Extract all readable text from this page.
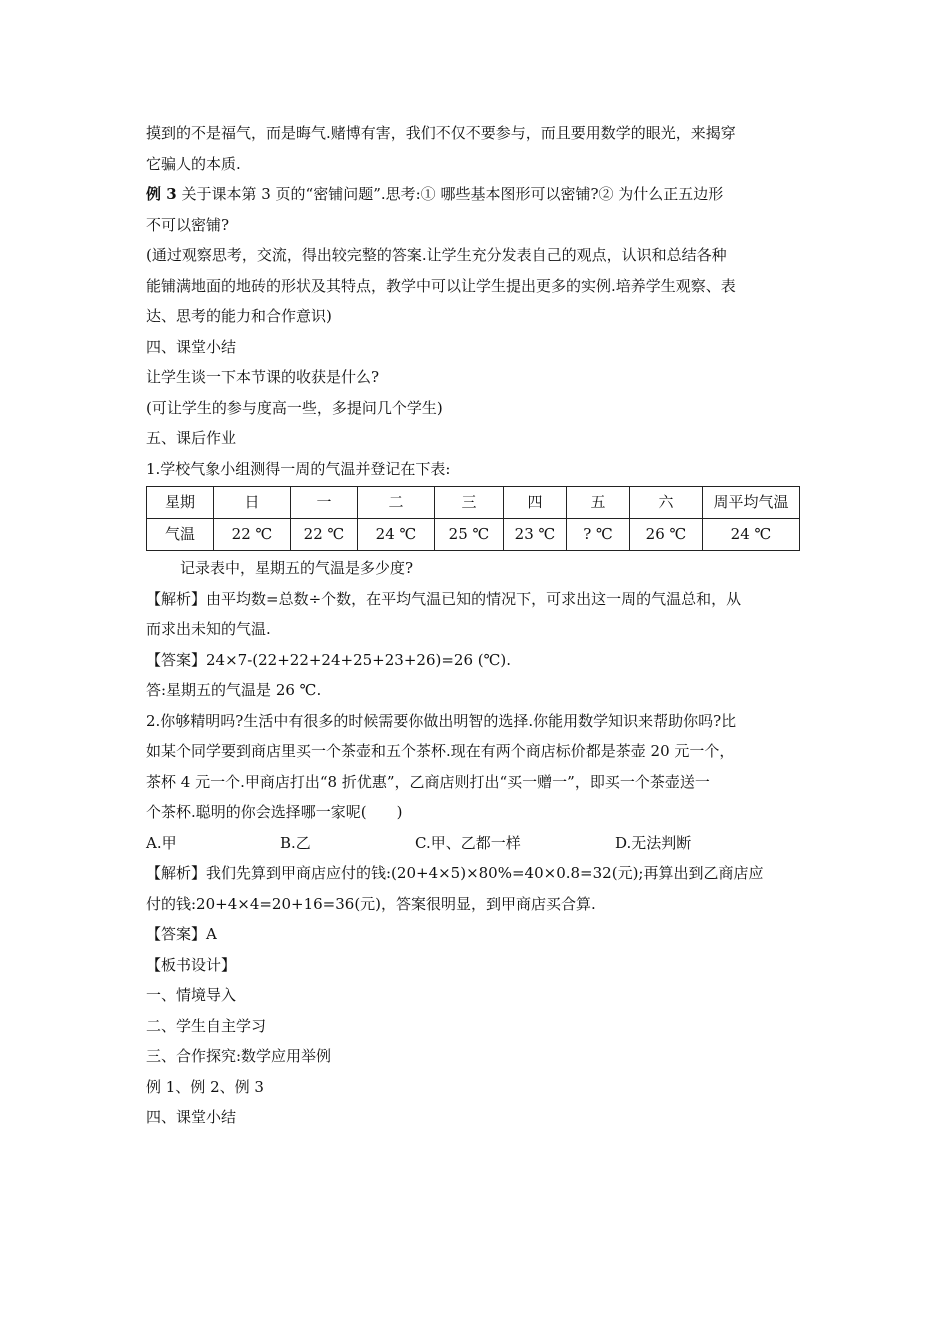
摸到的不是福气，而是晦气.赌博有害，我们不仅不要参与，而且要用数学的眼光，来揭穿

它骗人的本质.

例 3 关于课本第 3 页的“密铺问题”.思考:① 哪些基本图形可以密铺?② 为什么正五边形

不可以密铺?

(通过观察思考，交流，得出较完整的答案.让学生充分发表自己的观点，认识和总结各种

能铺满地面的地砖的形状及其特点，教学中可以让学生提出更多的实例.培养学生观察、表

达、思考的能力和合作意识)

四、课堂小结

让学生谈一下本节课的收获是什么?

(可让学生的参与度高一些，多提问几个学生)

五、课后作业

1.学校气象小组测得一周的气温并登记在下表:

星期	日	一	二	三	四	五	六	周平均气温
气温	22 ℃	22 ℃	24 ℃	25 ℃	23 ℃	? ℃	26 ℃	24 ℃

记录表中，星期五的气温是多少度?

【解析】由平均数=总数÷个数，在平均气温已知的情况下，可求出这一周的气温总和，从

而求出未知的气温.

【答案】24×7-(22+22+24+25+23+26)=26 (℃).

答:星期五的气温是 26 ℃.

2.你够精明吗?生活中有很多的时候需要你做出明智的选择.你能用数学知识来帮助你吗?比

如某个同学要到商店里买一个茶壶和五个茶杯.现在有两个商店标价都是茶壶 20 元一个，

茶杯 4 元一个.甲商店打出“8 折优惠”，乙商店则打出“买一赠一”，即买一个茶壶送一

个茶杯.聪明的你会选择哪一家呢(　　)

A.甲	B.乙	C.甲、乙都一样	D.无法判断

【解析】我们先算到甲商店应付的钱:(20+4×5)×80%=40×0.8=32(元);再算出到乙商店应

付的钱:20+4×4=20+16=36(元)，答案很明显，到甲商店买合算.

【答案】A

【板书设计】

一、情境导入

二、学生自主学习

三、合作探究:数学应用举例

例 1、例 2、例 3

四、课堂小结
